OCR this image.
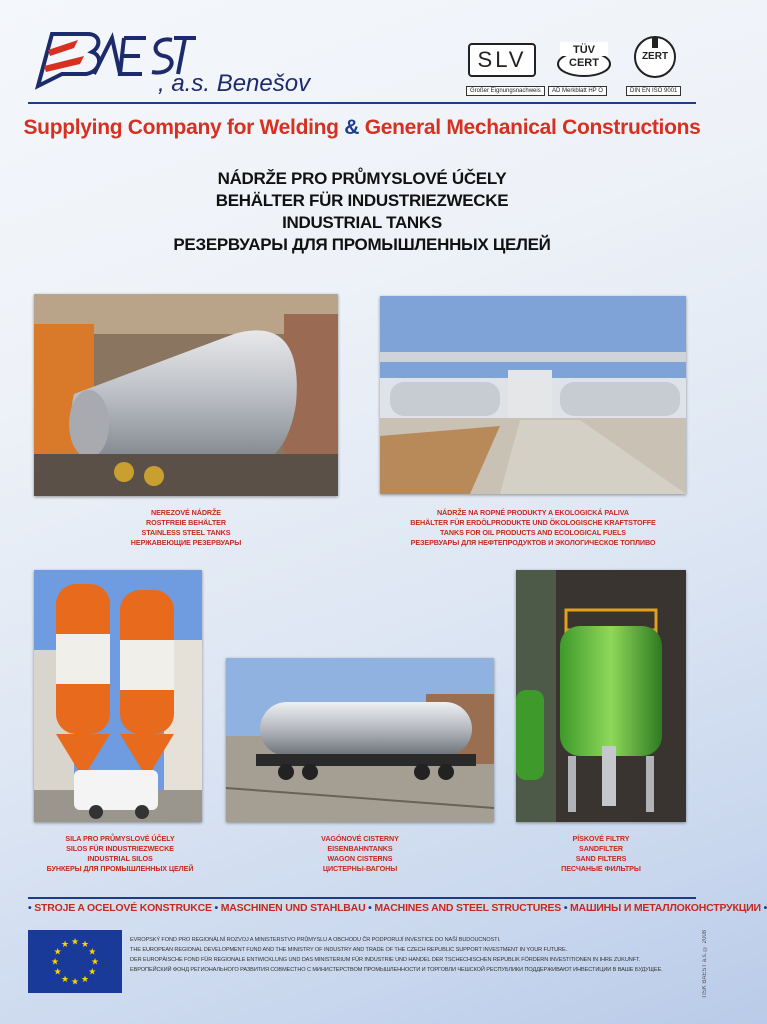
, a.s. Benešov
SLV
Großer Eignungsnachweis
TÜV CERT
AD Merkblatt HP O
ZERT
DIN EN ISO 9001
Supplying Company for Welding & General Mechanical Constructions
NÁDRŽE PRO PRŮMYSLOVÉ ÚČELY
BEHÄLTER FÜR INDUSTRIEZWECKE
INDUSTRIAL TANKS
РЕЗЕРВУАРЫ ДЛЯ ПРОМЫШЛЕННЫХ ЦЕЛЕЙ
NEREZOVÉ NÁDRŽE
ROSTFREIE BEHÄLTER
STAINLESS STEEL TANKS
НЕРЖАВЕЮЩИЕ РЕЗЕРВУАРЫ
NÁDRŽE NA ROPNÉ PRODUKTY A EKOLOGICKÁ PALIVA
BEHÄLTER FÜR ERDÖLPRODUKTE UND ÖKOLOGISCHE KRAFTSTOFFE
TANKS FOR OIL PRODUCTS AND ECOLOGICAL FUELS
РЕЗЕРВУАРЫ ДЛЯ НЕФТЕПРОДУКТОВ И ЭКОЛОГИЧЕСКОЕ ТОПЛИВО
SILA PRO PRŮMYSLOVÉ ÚČELY
SILOS FÜR INDUSTRIEZWECKE
INDUSTRIAL SILOS
БУНКЕРЫ ДЛЯ ПРОМЫШЛЕННЫХ ЦЕЛЕЙ
VAGÓNOVÉ CISTERNY
EISENBAHNTANKS
WAGON CISTERNS
ЦИСТЕРНЫ-ВАГОНЫ
PÍSKOVÉ FILTRY
SANDFILTER
SAND FILTERS
ПЕСЧАНЫЕ ФИЛЬТРЫ
• STROJE A OCELOVÉ KONSTRUKCE • MASCHINEN UND STAHLBAU • MACHINES AND STEEL STRUCTURES • МАШИНЫ И МЕТАЛЛОКОНСТРУКЦИИ •
★ ★
★
★
★
★
★
★
★
★
★
★	EVROPSKÝ FOND PRO REGIONÁLNÍ ROZVOJ A MINISTERSTVO PRŮMYSLU A OBCHODU ČR PODPORUJÍ INVESTICE DO NAŠÍ BUDOUCNOSTI.
THE EUROPEAN REGIONAL DEVELOPMENT FUND AND THE MINISTRY OF INDUSTRY AND TRADE OF THE CZECH REPUBLIC SUPPORT INVESTMENT IN YOUR FUTURE.
DER EUROPÄISCHE FOND FÜR REGIONALE ENTWICKLUNG UND DAS MINISTERIUM FÜR INDUSTRIE UND HANDEL DER TSCHECHISCHEN REPUBLIK FÖRDERN INVESTITIONEN IN IHRE ZUKUNFT.
ЕВРОПЕЙСКИЙ ФОНД РЕГИОНАЛЬНОГО РАЗВИТИЯ СОВМЕСТНО С МИНИСТЕРСТВОМ ПРОМЫШЛЕННОСТИ И ТОРГОВЛИ ЧЕШСКОЙ РЕСПУБЛИКИ ПОДДЕРЖИВАЮТ ИНВЕСТИЦИИ В ВАШЕ БУДУЩЕЕ.	TISK BAEST a.s. © 2008
